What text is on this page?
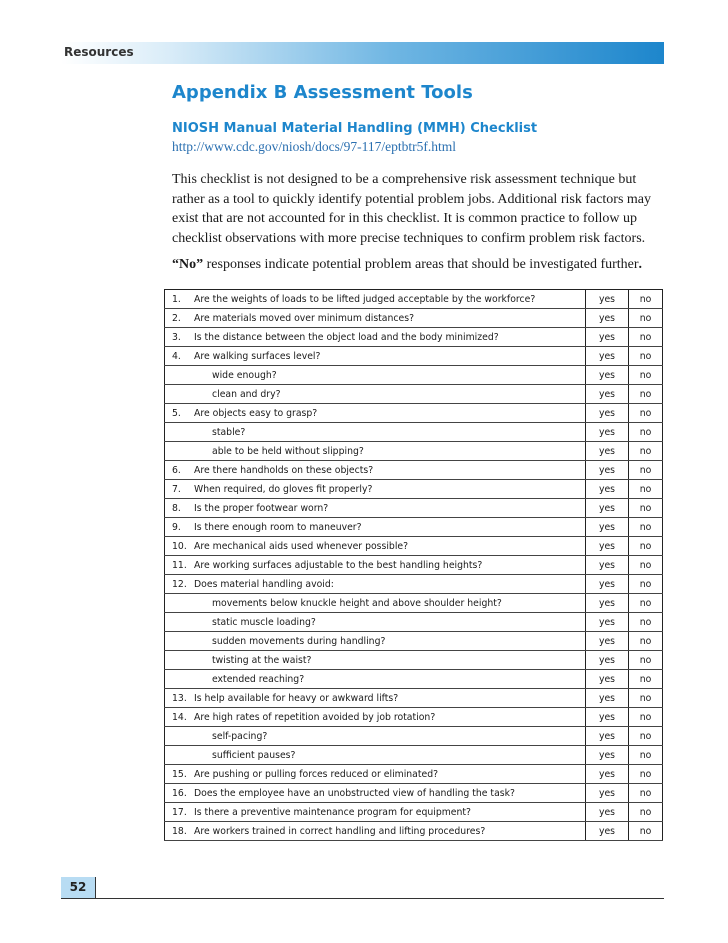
Resources
Appendix B Assessment Tools
NIOSH Manual Material Handling (MMH) Checklist
http://www.cdc.gov/niosh/docs/97-117/eptbtr5f.html

This checklist is not designed to be a comprehensive risk assessment technique but rather as a tool to quickly identify potential problem jobs. Additional risk factors may exist that are not accounted for in this checklist. It is common practice to follow up checklist observations with more precise techniques to confirm problem risk factors.

“No” responses indicate potential problem areas that should be investigated further.
1. Are the weights of loads to be lifted judged acceptable by the workforce?	yes	no
2. Are materials moved over minimum distances?	yes	no
3. Is the distance between the object load and the body minimized?	yes	no
4. Are walking surfaces level?	yes	no
wide enough?	yes	no
clean and dry?	yes	no
5. Are objects easy to grasp?	yes	no
stable?	yes	no
able to be held without slipping?	yes	no
6. Are there handholds on these objects?	yes	no
7. When required, do gloves fit properly?	yes	no
8. Is the proper footwear worn?	yes	no
9. Is there enough room to maneuver?	yes	no
10. Are mechanical aids used whenever possible?	yes	no
11. Are working surfaces adjustable to the best handling heights?	yes	no
12. Does material handling avoid:	yes	no
movements below knuckle height and above shoulder height?	yes	no
static muscle loading?	yes	no
sudden movements during handling?	yes	no
twisting at the waist?	yes	no
extended reaching?	yes	no
13. Is help available for heavy or awkward lifts?	yes	no
14. Are high rates of repetition avoided by job rotation?	yes	no
self-pacing?	yes	no
sufficient pauses?	yes	no
15. Are pushing or pulling forces reduced or eliminated?	yes	no
16. Does the employee have an unobstructed view of handling the task?	yes	no
17. Is there a preventive maintenance program for equipment?	yes	no
18. Are workers trained in correct handling and lifting procedures?	yes	no
52
